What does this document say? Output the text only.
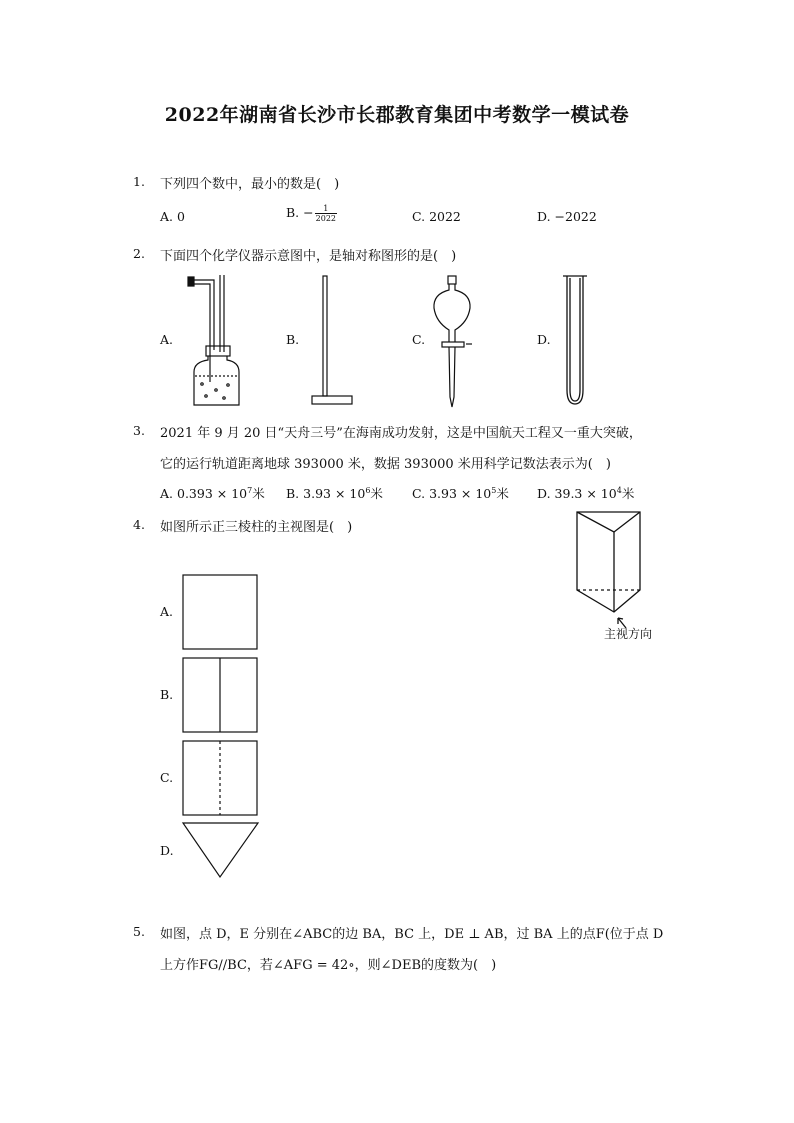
2022年湖南省长沙市长郡教育集团中考数学一模试卷
1. 下列四个数中，最小的数是(　)
A. 0	B. − $\frac{1}{2022}$	C. 2022	D. −2022
2. 下面四个化学仪器示意图中，是轴对称图形的是(　)
A.	B.	C.	D.
3. 2021 年 9 月 20 日“天舟三号”在海南成功发射，这是中国航天工程又一重大突破，
它的运行轨道距离地球 393000 米，数据 393000 米用科学记数法表示为(　)
A. $0.393 \times 10^7$米 B. $3.93 \times 10^6$米 C. $3.93 \times 10^5$米 D. $39.3 \times 10^4$米
4. 如图所示正三棱柱的主视图是(　)
主视方向
A.
B.
C.
D.
5. 如图，点 D，E 分别在∠ABC的边 BA，BC 上，DE ⊥ AB，过 BA 上的点F(位于点 D
上方作FG//BC，若∠AFG = 42∘，则∠DEB的度数为(　)
